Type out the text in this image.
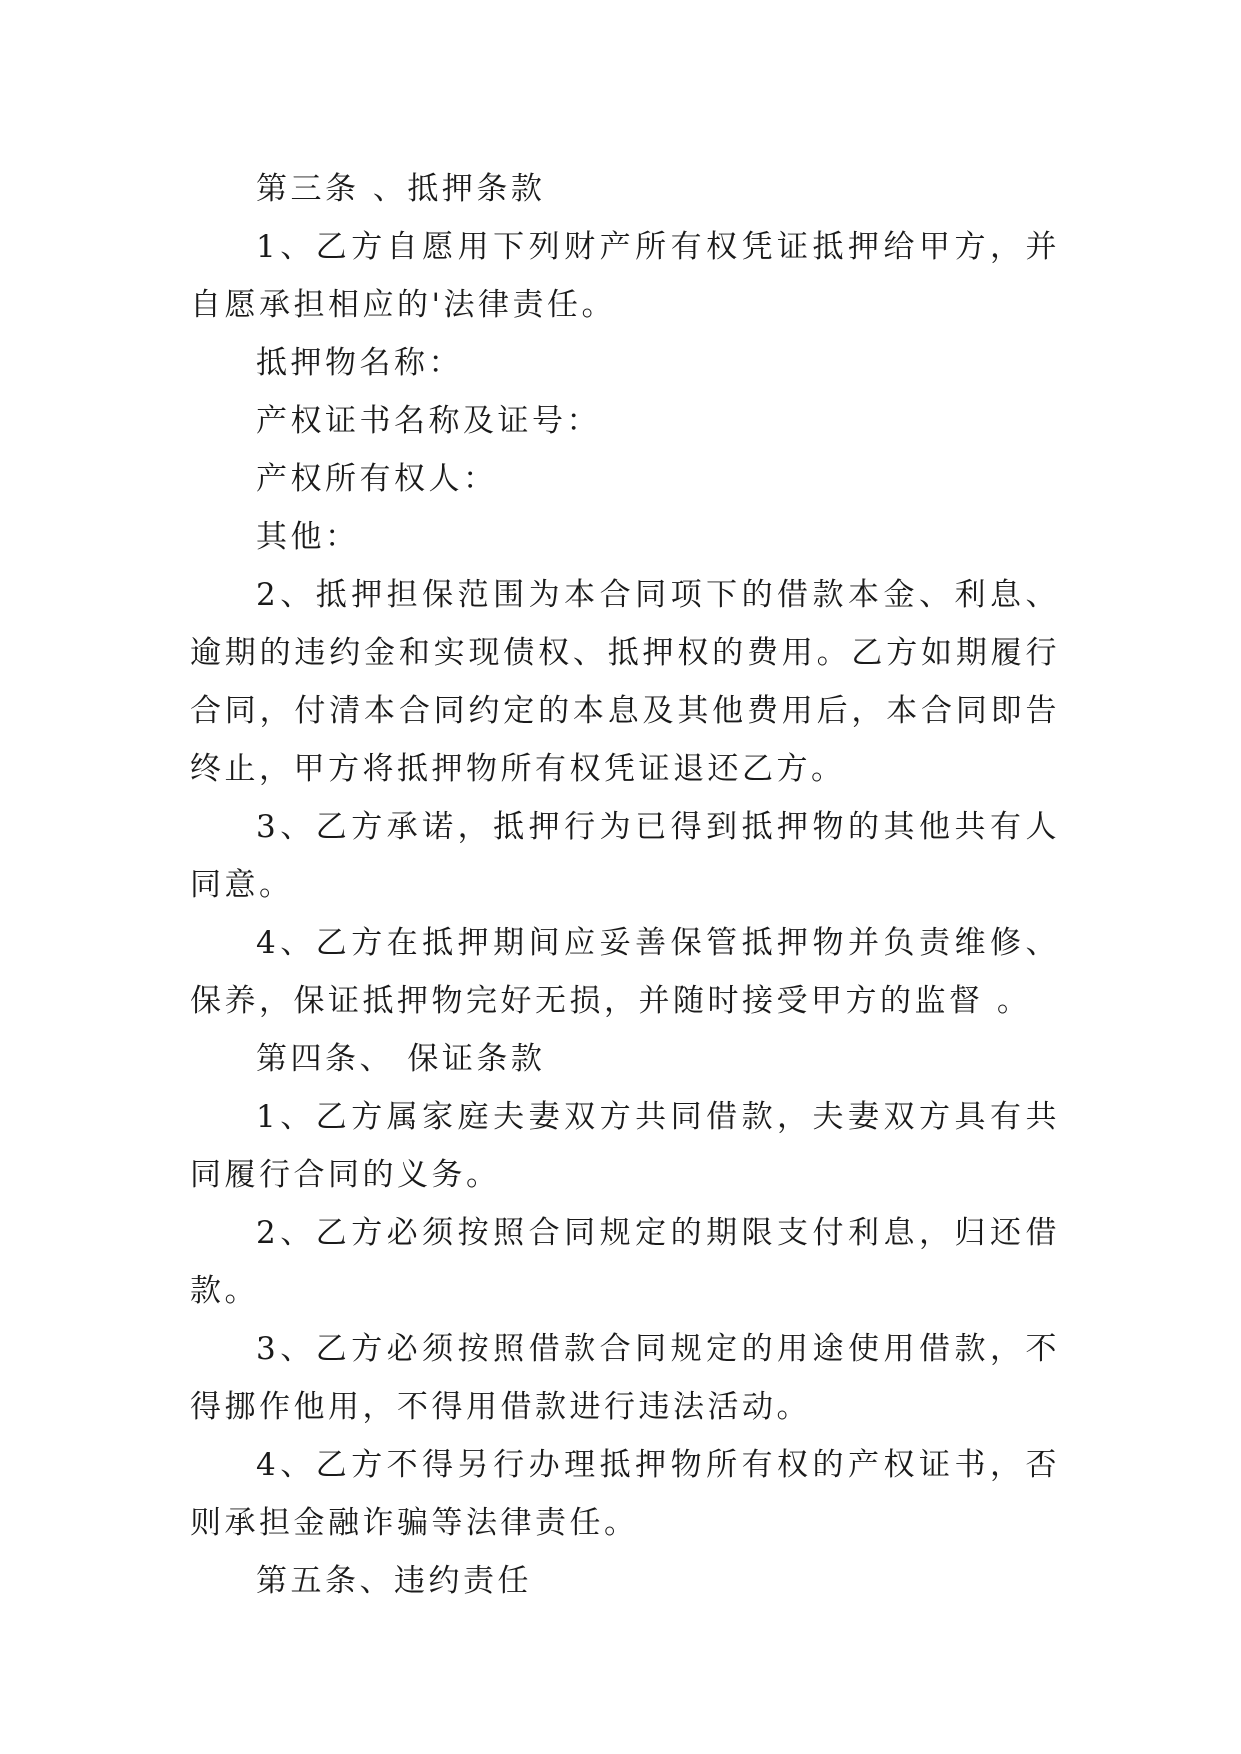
第三条 、抵押条款

1、乙方自愿用下列财产所有权凭证抵押给甲方，并自愿承担相应的'法律责任。

抵押物名称：

产权证书名称及证号：

产权所有权人：

其他：

2、抵押担保范围为本合同项下的借款本金、利息、逾期的违约金和实现债权、抵押权的费用。乙方如期履行合同，付清本合同约定的本息及其他费用后，本合同即告终止，甲方将抵押物所有权凭证退还乙方。

3、乙方承诺，抵押行为已得到抵押物的其他共有人同意。

4、乙方在抵押期间应妥善保管抵押物并负责维修、保养，保证抵押物完好无损，并随时接受甲方的监督 。

第四条、 保证条款

1、乙方属家庭夫妻双方共同借款，夫妻双方具有共同履行合同的义务。

2、乙方必须按照合同规定的期限支付利息，归还借款。

3、乙方必须按照借款合同规定的用途使用借款，不得挪作他用，不得用借款进行违法活动。

4、乙方不得另行办理抵押物所有权的产权证书，否则承担金融诈骗等法律责任。

第五条、违约责任
